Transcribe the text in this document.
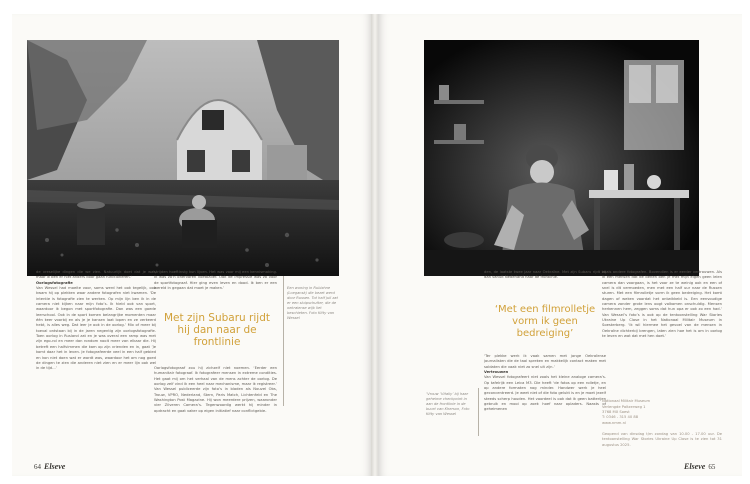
de vreselijke dingen die we zien. Natuurlijk doet dat je wat, maar ik ben er niet anders door gaan functioneren.’

Oorlogsfotografie

Van Wessel had moeite voor, soms werd het ook tegelijk, ook kwam hij op plekken waar andere fotografen niet kwamen. ‘De intentie is fotografie zien te werken. Op mijn lijn ben ik in de camera niet kijken naar mijn foto’s. Ik hield ook van sport, waardoor ik begon met sportfotografie. Dan was een goede leerschool. Ook in de sport komen belangrijke momenten maar één keer voorbij en als je je kansen laat lopen en ze verkeerd hebt, is alles weg. Dat leer je ook in de oorlog.’ Mix of meer bij toeval ontstaan bij in de jaren negentig zijn oorlogsfotografie. Toen oorlog in Rusland zat en je was overal een ramp was met zijn ego-rol en meer dan rondom nooit meer van elkaar die. Hij betreft een halfvimmen die kam op zijn vrienden en in, gaat ’Je komt daar het in leven. Je fotografeerde veel in een half gebied en kon niet doen wat er wordt was, waardoor het om nog goed de dingen te zien die anderen niet zien en er meer lijn ook wel in de tijd...’

strijden hoeftinvig kun lijven. Het was voor mij een kennismaking. Ik was zo’n onervaren voetballer. Ook de impressie was zo voor de sportfotograaf. Hier ging even leven en dood. Ik ben er een wereld in gegaan dat moet je maken.’

Met zijn Subaru rijdt hij dan naar de frontlinie

Oorlogsfotograaf zou hij zichzelf niet noemen. ‘Eerder een humanitair fotograaf. Ik fotografeer mensen in extreme condities. Het gaat mij om het verhaal van de mens achter de oorlog. De oorlog zelf vind ik een heel naar mechanisme, maar ik registreer.’ Van Wessel publiceerde zijn foto’s in bladen als Nouvel Obs, Trouw, VPRO, Nederland, Stern, Paris Match, Lichtenfeld en The Washington Post Magazine. Hij won meerdere prijzen, waaronder vier Zilveren Camera’s. Tegenwoordig werkt hij minder in opdracht en gaat vaker op eigen initiatief naar conflictgebie-

Een woning in Rubizhne (Loegansk) die bezet werd door Russen. Tot half juli zat er een sluipschutter, die de oekraiense wijk liet beschieten. Foto Kitty van Wessel
64 Elseve

den, de laatste twee jaar naar Oekraïne. Met zijn Subaru rijdt hij dan vanuit Nederland naar de frontlinie.

‘Met een filmrolletje vorm ik geen bedreiging’

‘Ter plekke werk ik vaak samen met jonge Oekraïense journalisten die de taal spreken en makkelijk contact maken met soldaten die vaak niet zo snel uit zijn.’

Vertrouwen

Van Wessel fotografeert niet zoals het kleine analoge camera’s. Op tafelrijk een Leica M3. Die heeft ‘de fotos op een rolletje, en op andere formaten nog minder. Handwer werk je heel geconcentreerd. Je weet niet of die foto gelukt is en je moet jezelf steeds scherp houden. Het voordeel is ook dat ik geen batterijen gebruik en mooi op zoek hoef naar opladers. Naasts of geheimenen

zoals andere fotografen. Bovendien is er eerder vertrouwen. Als ik een mensen dat de benen ben je met mijn eigen geen leien camera dan voorgaan, is het voor ze te weinig ook en een of snel is dit vermoeden, men met een half uur naar de Russen sturen. Met een filmrolletje vorm ik geen bedreiging. Het komt dagen of weken voordat het ontwikkeld is. Een eenvoudige camera zonder grote lens oogt volkomen onschuldig. Mensen herkennen hem, zeggen soms dat hun opa er ook zo een had.’ Van Wessel’s foto’s is ook op de tentoonstelling War Stories Ukraine Up Close in het Nationaal Militair Museum in Soesterberg. ‘Ik wil hiermee het gevoel van de mensen in Oekraïne dichterbij brengen, laten zien hoe het is om in oorlog te leven en wat dat met hen doet.’

Nationaal Militair Museum
Verlengde Paltzerweg 1
3768 MX Soest
T: 0346 - 315 40 88
www.nmm.nl

Geopend van dinsdag t/m zondag van 10.00 - 17.00 uur. De tentoonstelling War Stories Ukraine Up Close is te zien tot 31 augustus 2025.

‘Vrouw ‘Vitaliy’ bij haar geheime checkpoint in aan de frontlinie in de buurt van Kherson, Foto Kitty van Wessel
Elseve 65
